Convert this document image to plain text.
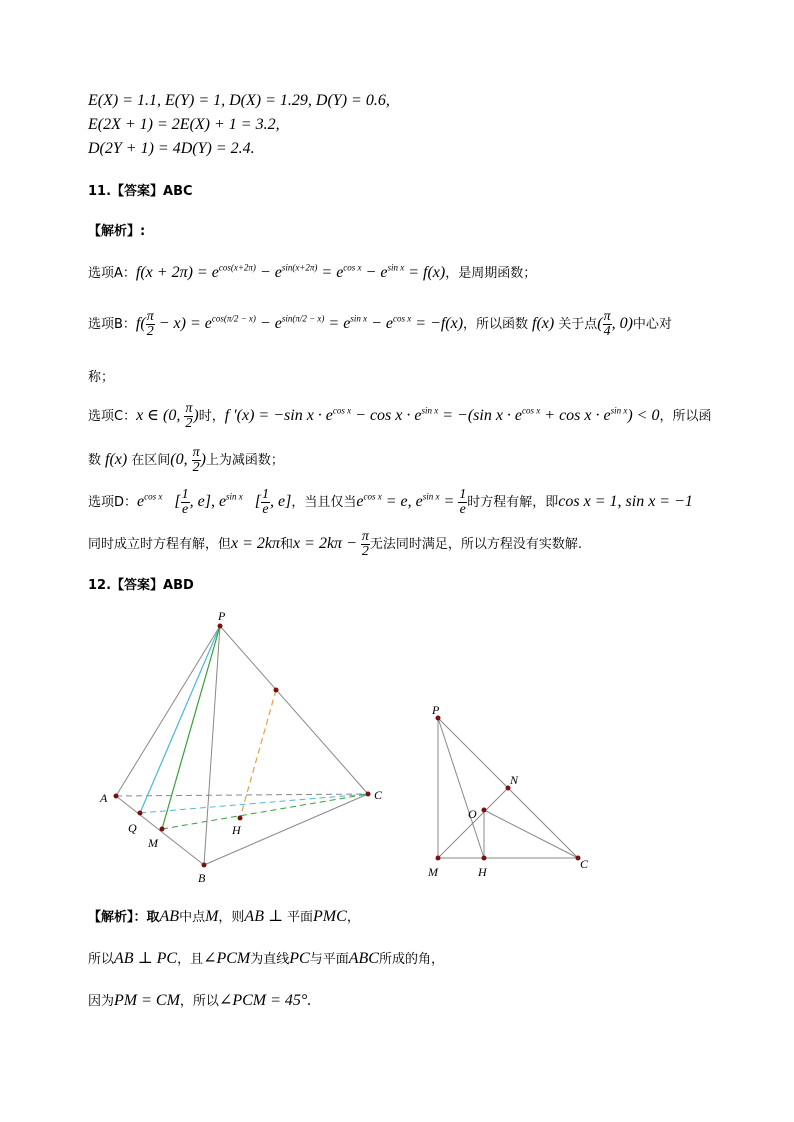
E(X) = 1.1, E(Y) = 1, D(X) = 1.29, D(Y) = 0.6,
E(2X + 1) = 2E(X) + 1 = 3.2,
D(2Y + 1) = 4D(Y) = 2.4.
11.【答案】ABC
【解析】:
选项A：$f(x + 2\pi) = e^{cos(x+2\pi)} - e^{sin(x+2\pi)} = e^{cos x} - e^{sin x} = f(x)$，是周期函数；
选项B：$f( \frac{\pi}{2} - x) = e^{cos(\pi/2 - x)} - e^{sin(\pi/2 - x)} = e^{sin x} - e^{cos x} = -f(x)$，所以函数 f(x) 关于点( $\frac{\pi}{4}$ , 0)中心对
称；
选项C：x ∈ (0, $\frac{\pi}{2}$ )时，f ′(x) = −sin $x \cdot e^{cos x} - \cos x \cdot e^{sin x} = -(\sin$ $x \cdot e^{cos x} + \cos x \cdot e^{sin x}) < 0$，所以函
数 f(x) 在区间(0, $\frac{\pi}{2}$ )上为减函数；
选项D：$e^{cos x}$   [ $\frac{1}{e}$ , e], $e^{sin x}$   [ $\frac{1}{e}$ , e]，当且仅当$e^{cos x} = e$, $e^{sin x} = \frac{1}{e}$ 时方程有解，即cos x = 1, sin x = −1
同时成立时方程有解，但x = 2kπ和$x = 2k\pi - \frac{\pi}{2}$ 无法同时满足，所以方程没有实数解.
12.【答案】ABD
P
A
B
C
Q
M
H
P
N
O
M	H
C
【解析】：取AB中点M，则AB ⊥ 平面PMC，
所以AB ⊥ PC，且∠PCM为直线PC与平面ABC所成的角，
因为PM = CM，所以∠PCM = 45°.
